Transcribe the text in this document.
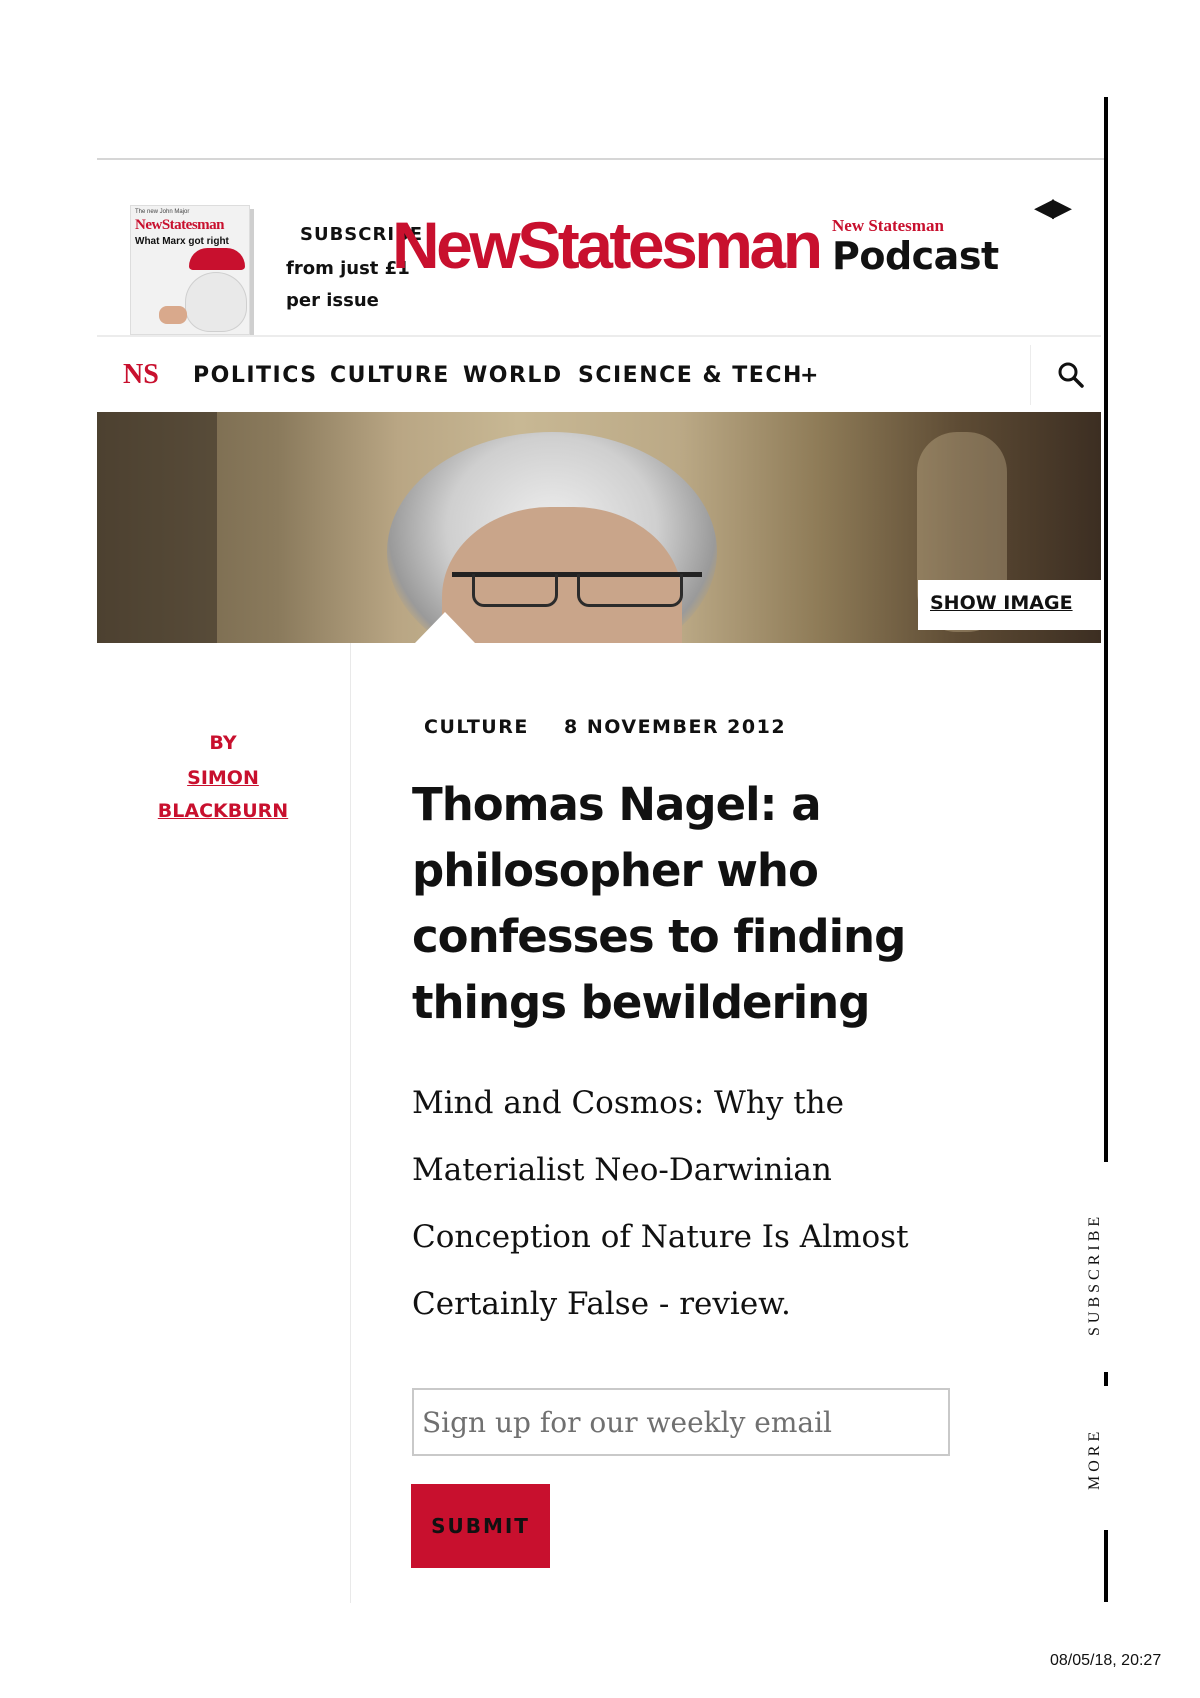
The new John Major
NewStatesman
What Marx got right	SUBSCRIBE
from just £1
per issue
NewStatesman New Statesman
Podcast
◀▶
NS POLITICS CULTURE WORLD SCIENCE & TECH
+
SHOW IMAGE
BY
SIMON BLACKBURN
CULTURE 8 NOVEMBER 2012
Thomas Nagel: a philosopher who confesses to finding things bewildering

Mind and Cosmos: Why the Materialist Neo-Darwinian Conception of Nature Is Almost Certainly False - review.

Sign up for our weekly email
SUBMIT
SUBSCRIBE
MORE
08/05/18, 20:27
